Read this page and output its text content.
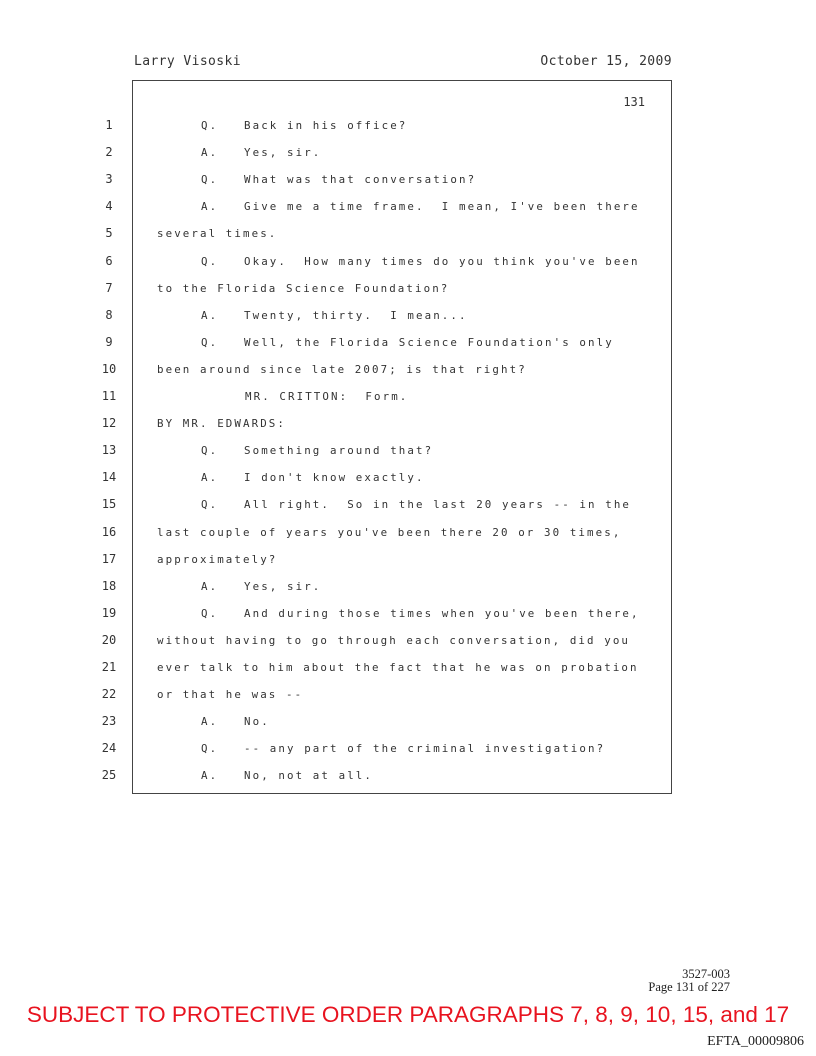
Larry Visoski	October 15, 2009
131
1	Q.   Back in his office?
2	A.   Yes, sir.
3	Q.   What was that conversation?
4	A.   Give me a time frame.  I mean, I've been there
5	several times.
6	Q.   Okay.  How many times do you think you've been
7	to the Florida Science Foundation?
8	A.   Twenty, thirty.  I mean...
9	Q.   Well, the Florida Science Foundation's only
10	been around since late 2007; is that right?
11	MR. CRITTON:  Form.
12	BY MR. EDWARDS:
13	Q.   Something around that?
14	A.   I don't know exactly.
15	Q.   All right.  So in the last 20 years -- in the
16	last couple of years you've been there 20 or 30 times,
17	approximately?
18	A.   Yes, sir.
19	Q.   And during those times when you've been there,
20	without having to go through each conversation, did you
21	ever talk to him about the fact that he was on probation
22	or that he was --
23	A.   No.
24	Q.   -- any part of the criminal investigation?
25	A.   No, not at all.
3527-003
Page 131 of 227
SUBJECT TO PROTECTIVE ORDER PARAGRAPHS 7, 8, 9, 10, 15, and 17
EFTA_00009806
